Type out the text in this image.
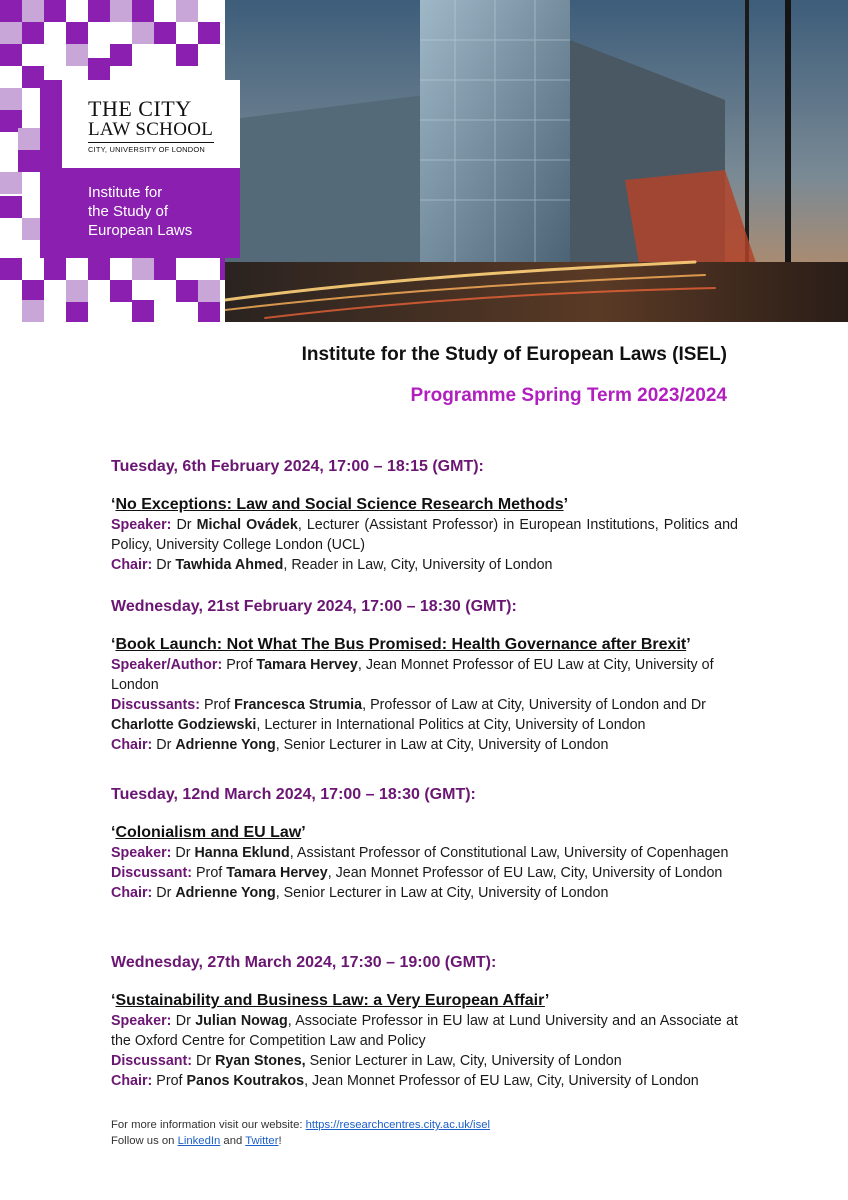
THE CITY
LAW SCHOOL
CITY, UNIVERSITY OF LONDON
Institute for
the Study of
European Laws
Institute for the Study of European Laws (ISEL)
Programme Spring Term 2023/2024

Tuesday, 6th February 2024, 17:00 – 18:15 (GMT):

‘No Exceptions: Law and Social Science Research Methods’

Speaker: Dr Michal Ovádek, Lecturer (Assistant Professor) in European Institutions, Politics and Policy, University College London (UCL)

Chair: Dr Tawhida Ahmed, Reader in Law, City, University of London

Wednesday, 21st February 2024, 17:00 – 18:30 (GMT):

‘Book Launch: Not What The Bus Promised: Health Governance after Brexit’

Speaker/Author: Prof Tamara Hervey, Jean Monnet Professor of EU Law at City, University of London

Discussants: Prof Francesca Strumia, Professor of Law at City, University of London and Dr Charlotte Godziewski, Lecturer in International Politics at City, University of London

Chair: Dr Adrienne Yong, Senior Lecturer in Law at City, University of London

Tuesday, 12nd March 2024, 17:00 – 18:30 (GMT):

‘Colonialism and EU Law’

Speaker: Dr Hanna Eklund, Assistant Professor of Constitutional Law, University of Copenhagen

Discussant: Prof Tamara Hervey, Jean Monnet Professor of EU Law, City, University of London

Chair: Dr Adrienne Yong, Senior Lecturer in Law at City, University of London

Wednesday, 27th March 2024, 17:30 – 19:00 (GMT):

‘Sustainability and Business Law: a Very European Affair’

Speaker: Dr Julian Nowag, Associate Professor in EU law at Lund University and an Associate at the Oxford Centre for Competition Law and Policy

Discussant: Dr Ryan Stones, Senior Lecturer in Law, City, University of London

Chair: Prof Panos Koutrakos, Jean Monnet Professor of EU Law, City, University of London

For more information visit our website: https://researchcentres.city.ac.uk/isel
Follow us on LinkedIn and Twitter!
